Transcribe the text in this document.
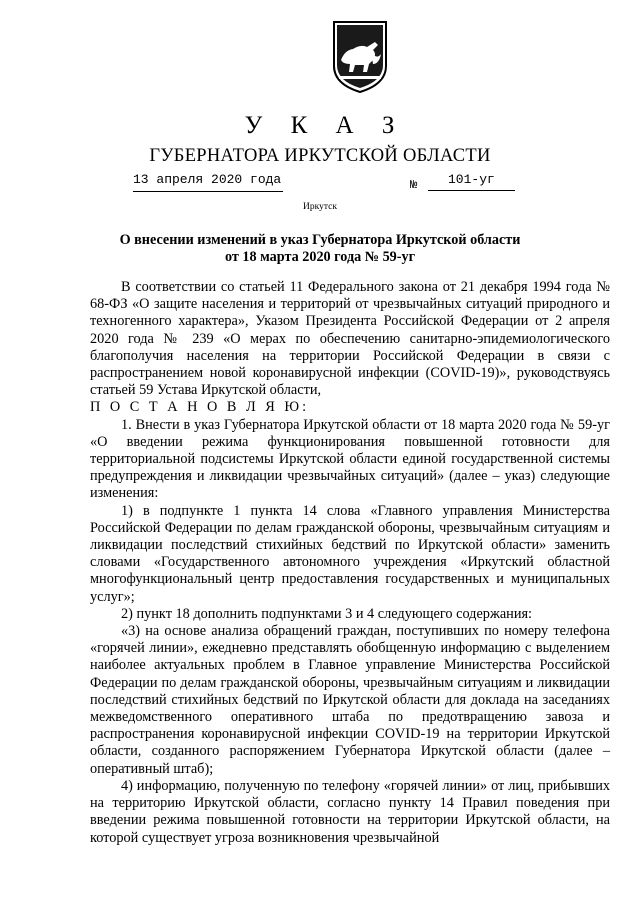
У К А З
ГУБЕРНАТОРА ИРКУТСКОЙ ОБЛАСТИ
13 апреля 2020 года	№	101-уг
Иркутск
О внесении изменений в указ Губернатора Иркутской области
от 18 марта 2020 года № 59-уг

В соответствии со статьей 11 Федерального закона от 21 декабря 1994 года № 68-ФЗ «О защите населения и территорий от чрезвычайных ситуаций природного и техногенного характера», Указом Президента Российской Федерации от 2 апреля 2020 года № 239 «О мерах по обеспечению санитарно-эпидемиологического благополучия населения на территории Российской Федерации в связи с распространением новой коронавирусной инфекции (COVID-19)», руководствуясь статьей 59 Устава Иркутской области,

П О С Т А Н О В Л Я Ю:

1. Внести в указ Губернатора Иркутской области от 18 марта 2020 года № 59-уг «О введении режима функционирования повышенной готовности для территориальной подсистемы Иркутской области единой государственной системы предупреждения и ликвидации чрезвычайных ситуаций» (далее – указ) следующие изменения:

1) в подпункте 1 пункта 14 слова «Главного управления Министерства Российской Федерации по делам гражданской обороны, чрезвычайным ситуациям и ликвидации последствий стихийных бедствий по Иркутской области» заменить словами «Государственного автономного учреждения «Иркутский областной многофункциональный центр предоставления государственных и муниципальных услуг»;

2) пункт 18 дополнить подпунктами 3 и 4 следующего содержания:

«3) на основе анализа обращений граждан, поступивших по номеру телефона «горячей линии», ежедневно представлять обобщенную информацию с выделением наиболее актуальных проблем в Главное управление Министерства Российской Федерации по делам гражданской обороны, чрезвычайным ситуациям и ликвидации последствий стихийных бедствий по Иркутской области для доклада на заседаниях межведомственного оперативного штаба по предотвращению завоза и распространения коронавирусной инфекции COVID-19 на территории Иркутской области, созданного распоряжением Губернатора Иркутской области (далее – оперативный штаб);

4) информацию, полученную по телефону «горячей линии» от лиц, прибывших на территорию Иркутской области, согласно пункту 14 Правил поведения при введении режима повышенной готовности на территории Иркутской области, на которой существует угроза возникновения чрезвычайной
